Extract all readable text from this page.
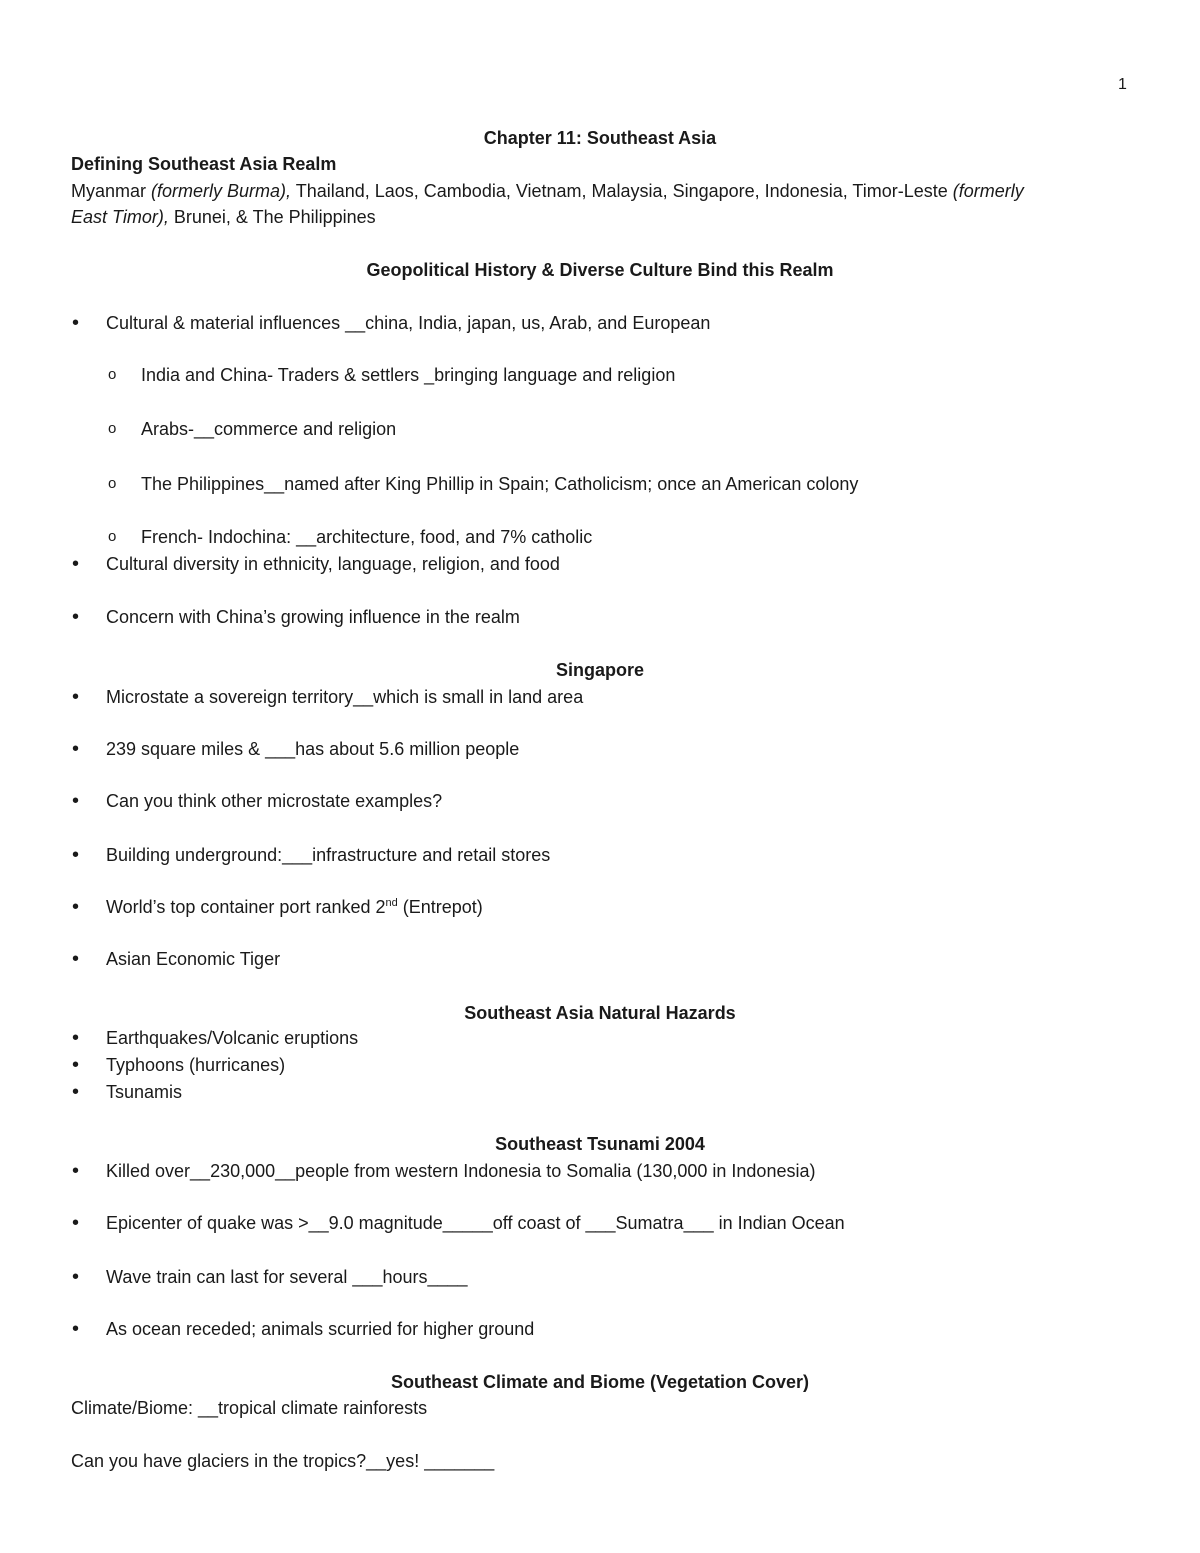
1
Chapter 11: Southeast Asia
Defining Southeast Asia Realm
Myanmar (formerly Burma), Thailand, Laos, Cambodia, Vietnam, Malaysia, Singapore, Indonesia, Timor-Leste (formerly
East Timor), Brunei, & The Philippines
Geopolitical History & Diverse Culture Bind this Realm
Cultural & material influences __china, India, japan, us, Arab, and European
India and China- Traders & settlers _bringing language and religion
Arabs-__commerce and religion
The Philippines__named after King Phillip in Spain; Catholicism; once an American colony
French- Indochina: __architecture, food, and 7% catholic
Cultural diversity in ethnicity, language, religion, and food
Concern with China’s growing influence in the realm
Singapore
Microstate a sovereign territory__which is small in land area
239 square miles & ___has about 5.6 million people
Can you think other microstate examples?
Building underground:___infrastructure and retail stores
World’s top container port ranked 2nd (Entrepot)
Asian Economic Tiger
Southeast Asia Natural Hazards
Earthquakes/Volcanic eruptions
Typhoons (hurricanes)
Tsunamis
Southeast Tsunami 2004
Killed over__230,000__people from western Indonesia to Somalia (130,000 in Indonesia)
Epicenter of quake was >__9.0 magnitude_____off coast of ___Sumatra___ in Indian Ocean
Wave train can last for several ___hours____
As ocean receded; animals scurried for higher ground
Southeast Climate and Biome (Vegetation Cover)
Climate/Biome: __tropical climate rainforests
Can you have glaciers in the tropics?__yes! _______
